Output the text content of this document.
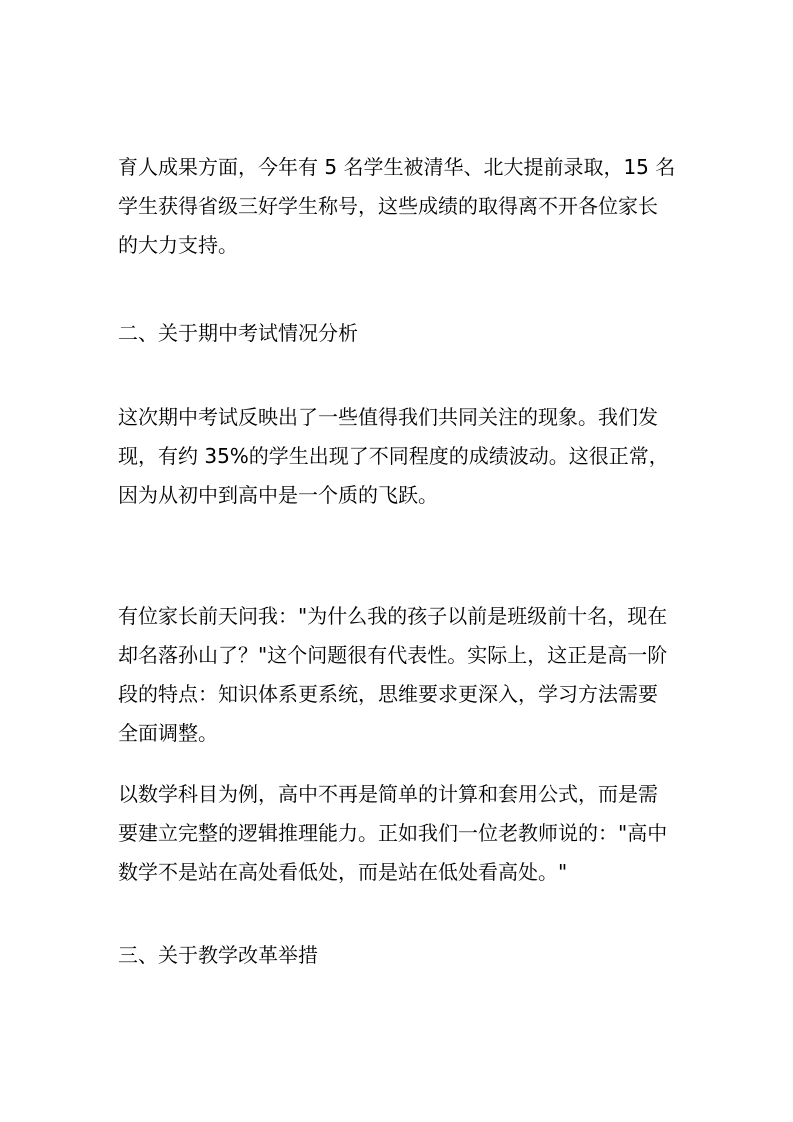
育人成果方面，今年有 5 名学生被清华、北大提前录取，15 名
学生获得省级三好学生称号，这些成绩的取得离不开各位家长
的大力支持。

二、关于期中考试情况分析

这次期中考试反映出了一些值得我们共同关注的现象。我们发
现，有约 35%的学生出现了不同程度的成绩波动。这很正常，
因为从初中到高中是一个质的飞跃。

有位家长前天问我："为什么我的孩子以前是班级前十名，现在
却名落孙山了？"这个问题很有代表性。实际上，这正是高一阶
段的特点：知识体系更系统，思维要求更深入，学习方法需要
全面调整。

以数学科目为例，高中不再是简单的计算和套用公式，而是需
要建立完整的逻辑推理能力。正如我们一位老教师说的："高中
数学不是站在高处看低处，而是站在低处看高处。"

三、关于教学改革举措
